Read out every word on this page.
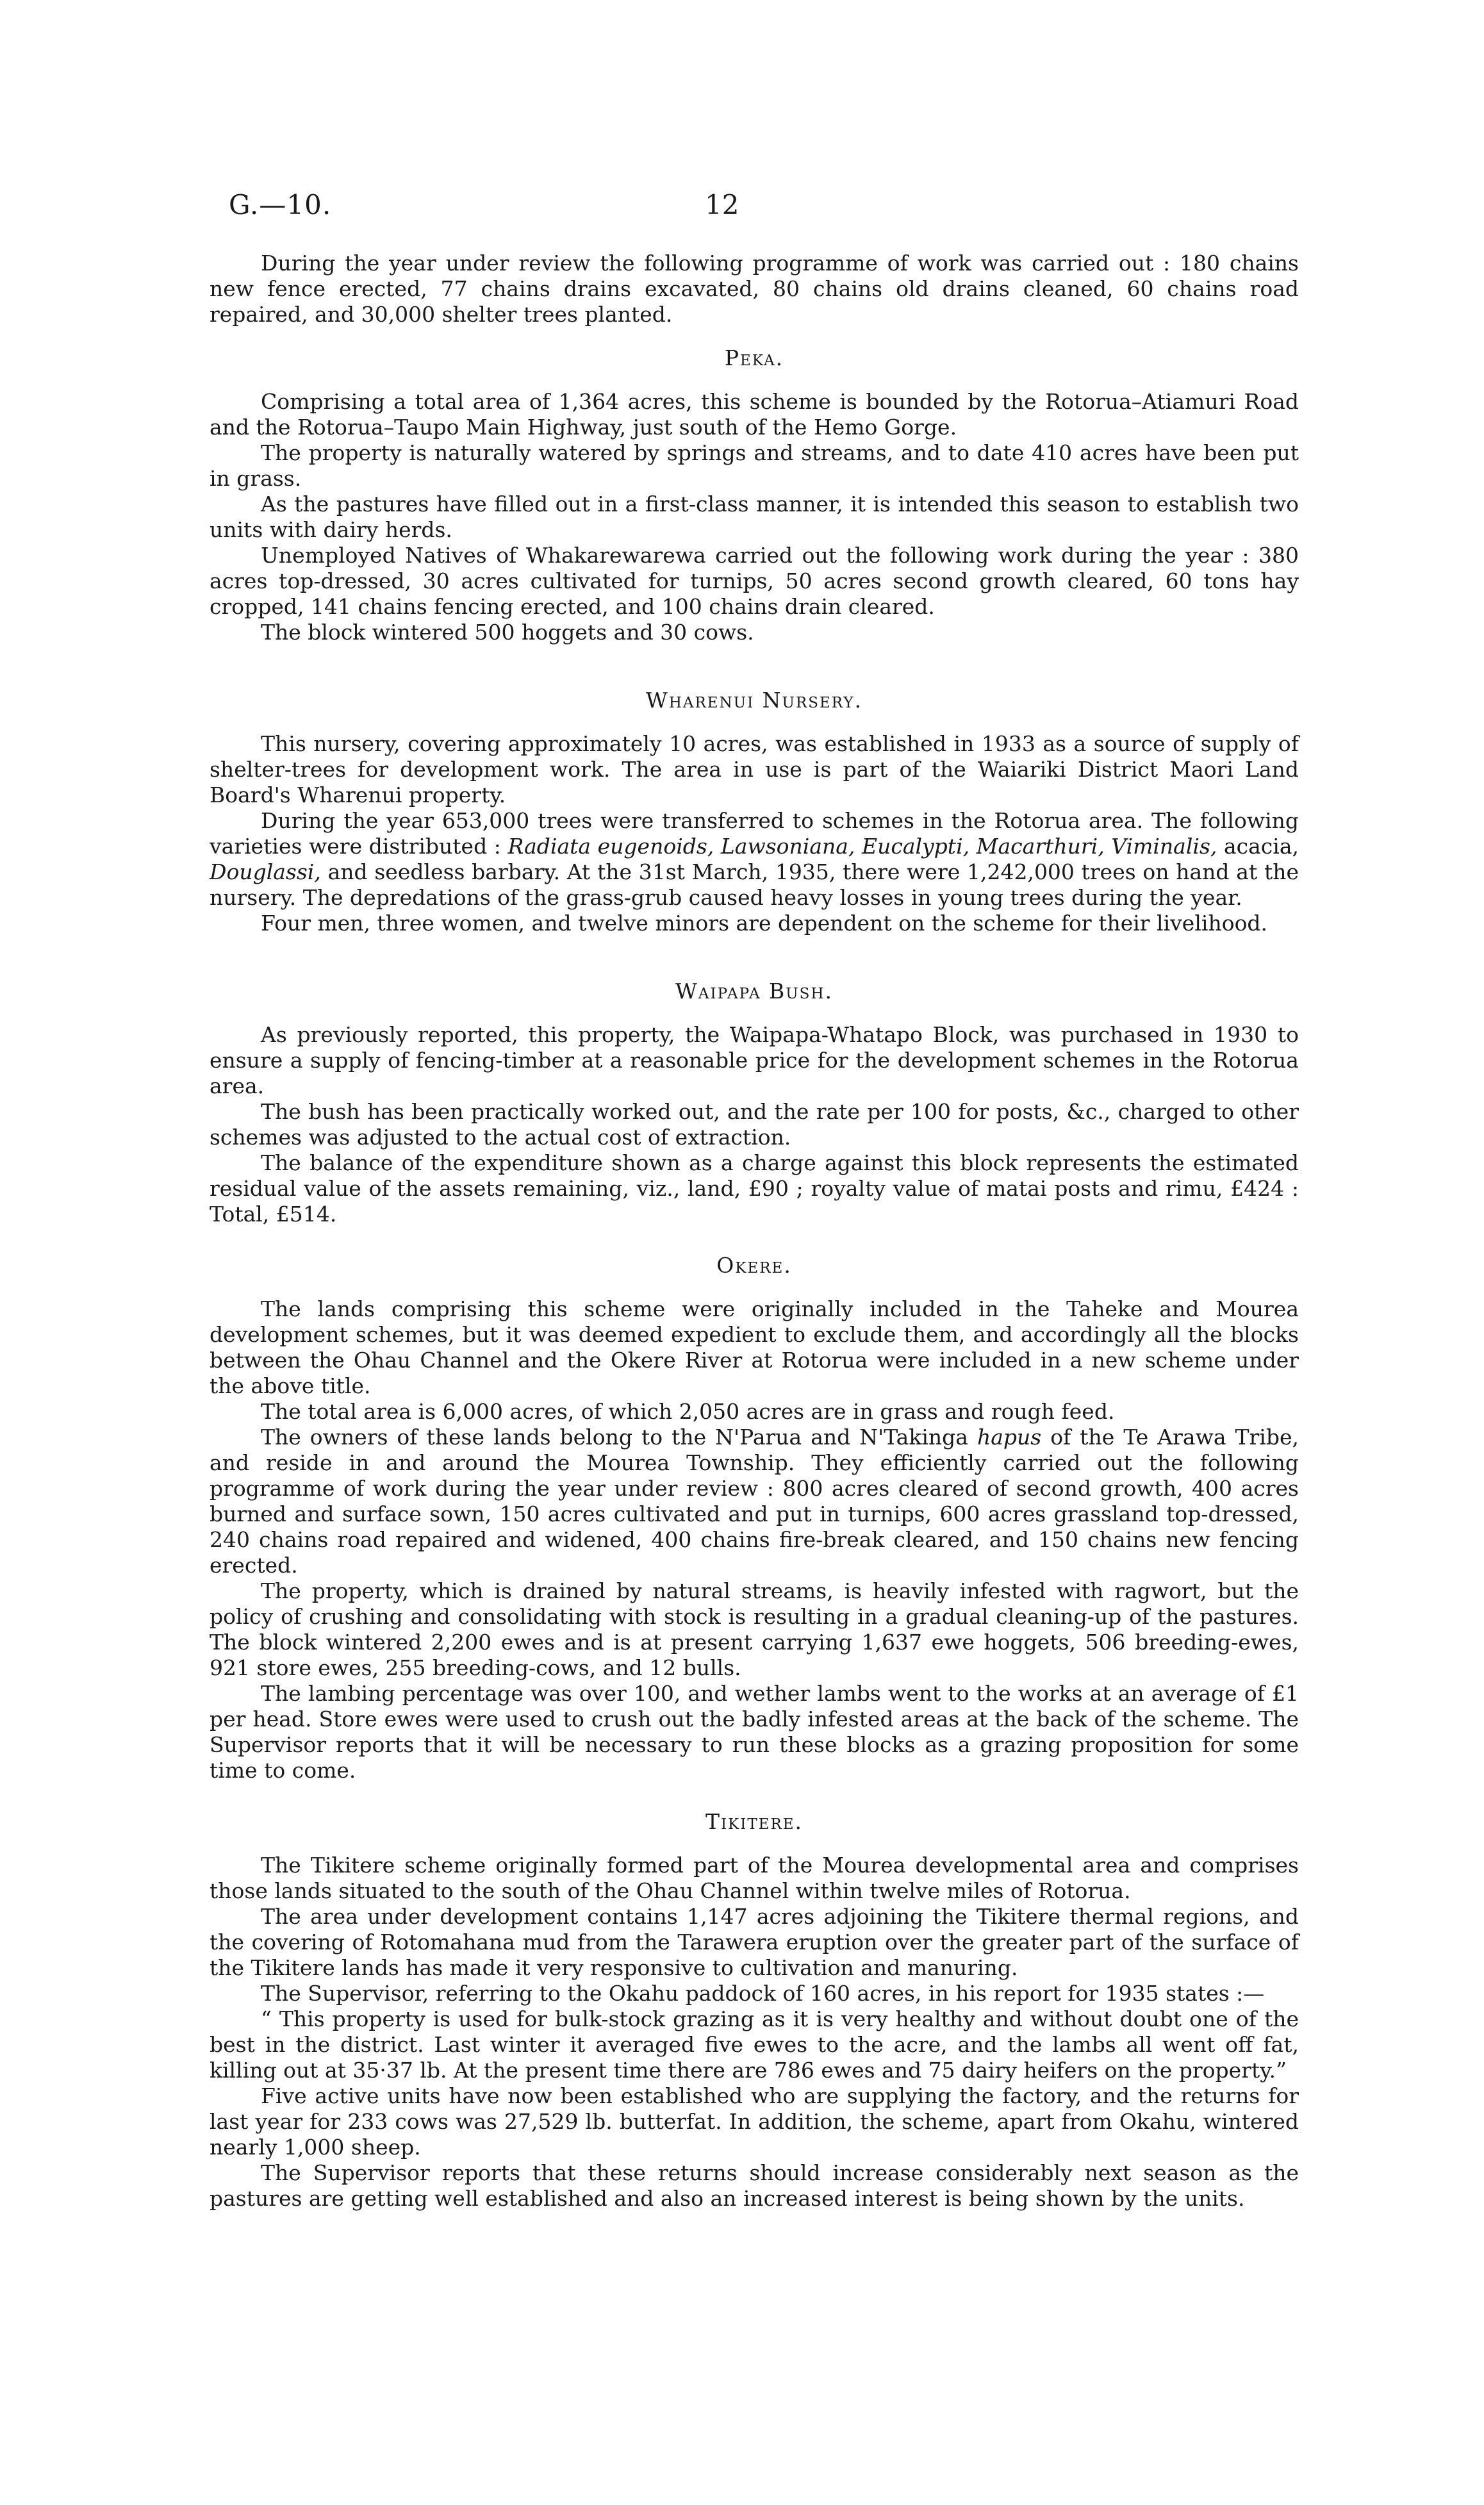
G.—10.	12

During the year under review the following programme of work was carried out : 180 chains new fence erected, 77 chains drains excavated, 80 chains old drains cleaned, 60 chains road repaired, and 30,000 shelter trees planted.

Peka.

Comprising a total area of 1,364 acres, this scheme is bounded by the Rotorua–Atiamuri Road and the Rotorua–Taupo Main Highway, just south of the Hemo Gorge.

The property is naturally watered by springs and streams, and to date 410 acres have been put in grass.

As the pastures have filled out in a first-class manner, it is intended this season to establish two units with dairy herds.

Unemployed Natives of Whakarewarewa carried out the following work during the year : 380 acres top-dressed, 30 acres cultivated for turnips, 50 acres second growth cleared, 60 tons hay cropped, 141 chains fencing erected, and 100 chains drain cleared.

The block wintered 500 hoggets and 30 cows.

Wharenui Nursery.

This nursery, covering approximately 10 acres, was established in 1933 as a source of supply of shelter-trees for development work. The area in use is part of the Waiariki District Maori Land Board's Wharenui property.

During the year 653,000 trees were transferred to schemes in the Rotorua area. The following varieties were distributed : Radiata eugenoids, Lawsoniana, Eucalypti, Macarthuri, Viminalis, acacia, Douglassi, and seedless barbary. At the 31st March, 1935, there were 1,242,000 trees on hand at the nursery. The depredations of the grass-grub caused heavy losses in young trees during the year.

Four men, three women, and twelve minors are dependent on the scheme for their livelihood.

Waipapa Bush.

As previously reported, this property, the Waipapa-Whatapo Block, was purchased in 1930 to ensure a supply of fencing-timber at a reasonable price for the development schemes in the Rotorua area.

The bush has been practically worked out, and the rate per 100 for posts, &c., charged to other schemes was adjusted to the actual cost of extraction.

The balance of the expenditure shown as a charge against this block represents the estimated residual value of the assets remaining, viz., land, £90 ; royalty value of matai posts and rimu, £424 : Total, £514.

Okere.

The lands comprising this scheme were originally included in the Taheke and Mourea development schemes, but it was deemed expedient to exclude them, and accordingly all the blocks between the Ohau Channel and the Okere River at Rotorua were included in a new scheme under the above title.

The total area is 6,000 acres, of which 2,050 acres are in grass and rough feed.

The owners of these lands belong to the N'Parua and N'Takinga hapus of the Te Arawa Tribe, and reside in and around the Mourea Township. They efficiently carried out the following programme of work during the year under review : 800 acres cleared of second growth, 400 acres burned and surface sown, 150 acres cultivated and put in turnips, 600 acres grassland top-dressed, 240 chains road repaired and widened, 400 chains fire-break cleared, and 150 chains new fencing erected.

The property, which is drained by natural streams, is heavily infested with ragwort, but the policy of crushing and consolidating with stock is resulting in a gradual cleaning-up of the pastures. The block wintered 2,200 ewes and is at present carrying 1,637 ewe hoggets, 506 breeding-ewes, 921 store ewes, 255 breeding-cows, and 12 bulls.

The lambing percentage was over 100, and wether lambs went to the works at an average of £1 per head. Store ewes were used to crush out the badly infested areas at the back of the scheme. The Supervisor reports that it will be necessary to run these blocks as a grazing proposition for some time to come.

Tikitere.

The Tikitere scheme originally formed part of the Mourea developmental area and comprises those lands situated to the south of the Ohau Channel within twelve miles of Rotorua.

The area under development contains 1,147 acres adjoining the Tikitere thermal regions, and the covering of Rotomahana mud from the Tarawera eruption over the greater part of the surface of the Tikitere lands has made it very responsive to cultivation and manuring.

The Supervisor, referring to the Okahu paddock of 160 acres, in his report for 1935 states :—

“ This property is used for bulk-stock grazing as it is very healthy and without doubt one of the best in the district. Last winter it averaged five ewes to the acre, and the lambs all went off fat, killing out at 35·37 lb. At the present time there are 786 ewes and 75 dairy heifers on the property.”

Five active units have now been established who are supplying the factory, and the returns for last year for 233 cows was 27,529 lb. butterfat. In addition, the scheme, apart from Okahu, wintered nearly 1,000 sheep.

The Supervisor reports that these returns should increase considerably next season as the pastures are getting well established and also an increased interest is being shown by the units.
